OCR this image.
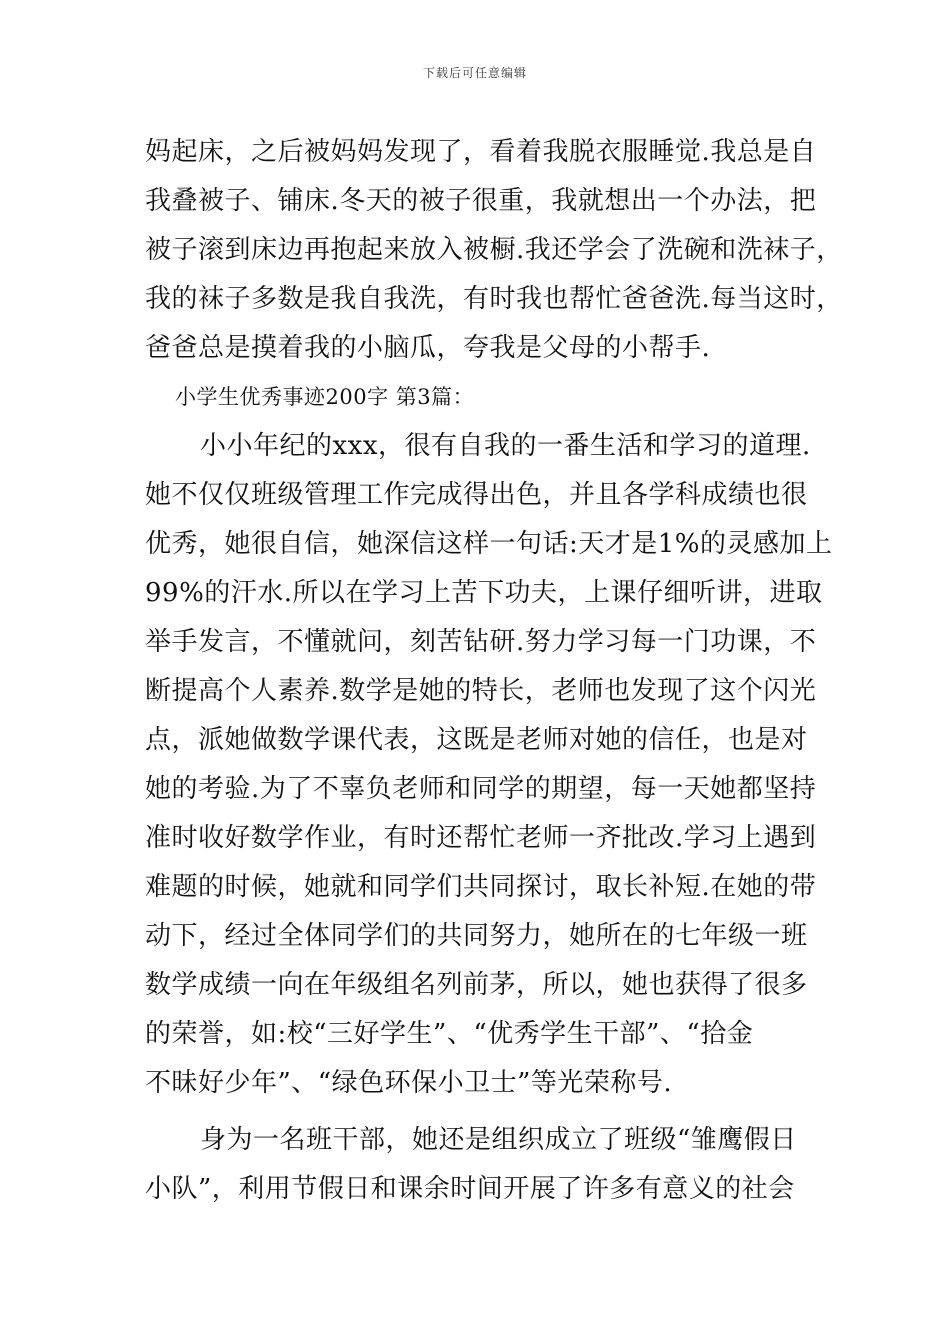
下载后可任意编辑
妈起床，之后被妈妈发现了，看着我脱衣服睡觉.我总是自
我叠被子、铺床.冬天的被子很重，我就想出一个办法，把
被子滚到床边再抱起来放入被橱.我还学会了洗碗和洗袜子，
我的袜子多数是我自我洗，有时我也帮忙爸爸洗.每当这时，
爸爸总是摸着我的小脑瓜，夸我是父母的小帮手.
小学生优秀事迹200字 第3篇：
小小年纪的xxx，很有自我的一番生活和学习的道理.
她不仅仅班级管理工作完成得出色，并且各学科成绩也很
优秀，她很自信，她深信这样一句话:天才是1%的灵感加上
99%的汗水.所以在学习上苦下功夫，上课仔细听讲，进取
举手发言，不懂就问，刻苦钻研.努力学习每一门功课，不
断提高个人素养.数学是她的特长，老师也发现了这个闪光
点，派她做数学课代表，这既是老师对她的信任，也是对
她的考验.为了不辜负老师和同学的期望，每一天她都坚持
准时收好数学作业，有时还帮忙老师一齐批改.学习上遇到
难题的时候，她就和同学们共同探讨，取长补短.在她的带
动下，经过全体同学们的共同努力，她所在的七年级一班
数学成绩一向在年级组名列前茅，所以，她也获得了很多
的荣誉，如:校“三好学生”、“优秀学生干部”、“拾金
不昧好少年”、“绿色环保小卫士”等光荣称号.
身为一名班干部，她还是组织成立了班级“雏鹰假日
小队”，利用节假日和课余时间开展了许多有意义的社会
